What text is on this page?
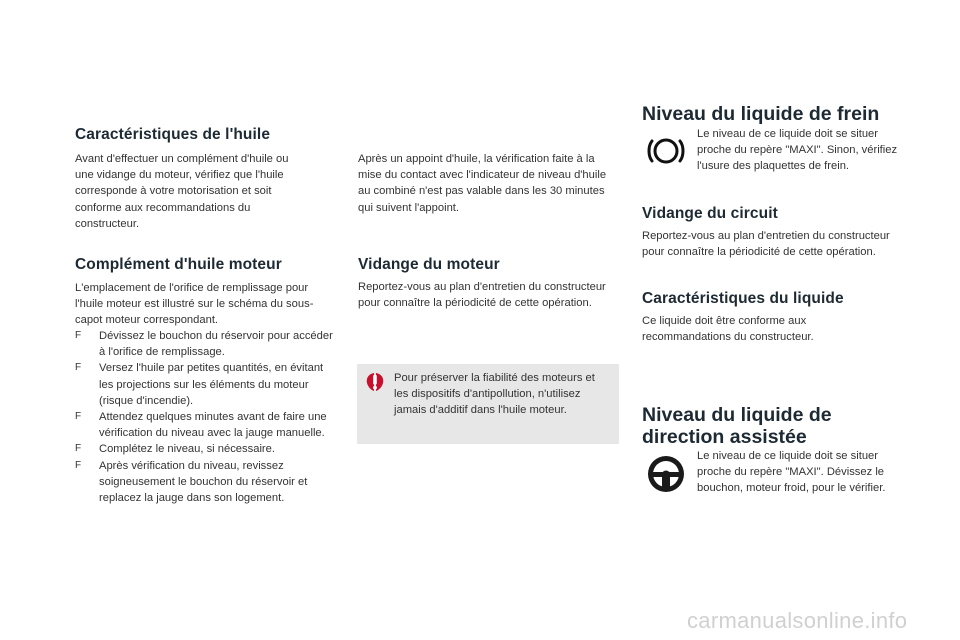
Caractéristiques de l'huile

Avant d'effectuer un complément d'huile ou une vidange du moteur, vérifiez que l'huile corresponde à votre motorisation et soit conforme aux recommandations du constructeur.

Complément d'huile moteur

L'emplacement de l'orifice de remplissage pour l'huile moteur est illustré sur le schéma du sous-capot moteur correspondant.

F Dévissez le bouchon du réservoir pour accéder à l'orifice de remplissage.
F Versez l'huile par petites quantités, en évitant les projections sur les éléments du moteur (risque d'incendie).
F Attendez quelques minutes avant de faire une vérification du niveau avec la jauge manuelle.
F Complétez le niveau, si nécessaire.
F Après vérification du niveau, revissez soigneusement le bouchon du réservoir et replacez la jauge dans son logement.

Après un appoint d'huile, la vérification faite à la mise du contact avec l'indicateur de niveau d'huile au combiné n'est pas valable dans les 30 minutes qui suivent l'appoint.

Vidange du moteur

Reportez-vous au plan d'entretien du constructeur pour connaître la périodicité de cette opération.

Pour préserver la fiabilité des moteurs et les dispositifs d'antipollution, n'utilisez jamais d'additif dans l'huile moteur.

Niveau du liquide de frein

Le niveau de ce liquide doit se situer proche du repère "MAXI". Sinon, vérifiez l'usure des plaquettes de frein.

Vidange du circuit

Reportez-vous au plan d'entretien du constructeur pour connaître la périodicité de cette opération.

Caractéristiques du liquide

Ce liquide doit être conforme aux recommandations du constructeur.

Niveau du liquide de direction assistée

Le niveau de ce liquide doit se situer proche du repère "MAXI". Dévissez le bouchon, moteur froid, pour le vérifier.

carmanualsonline.info
